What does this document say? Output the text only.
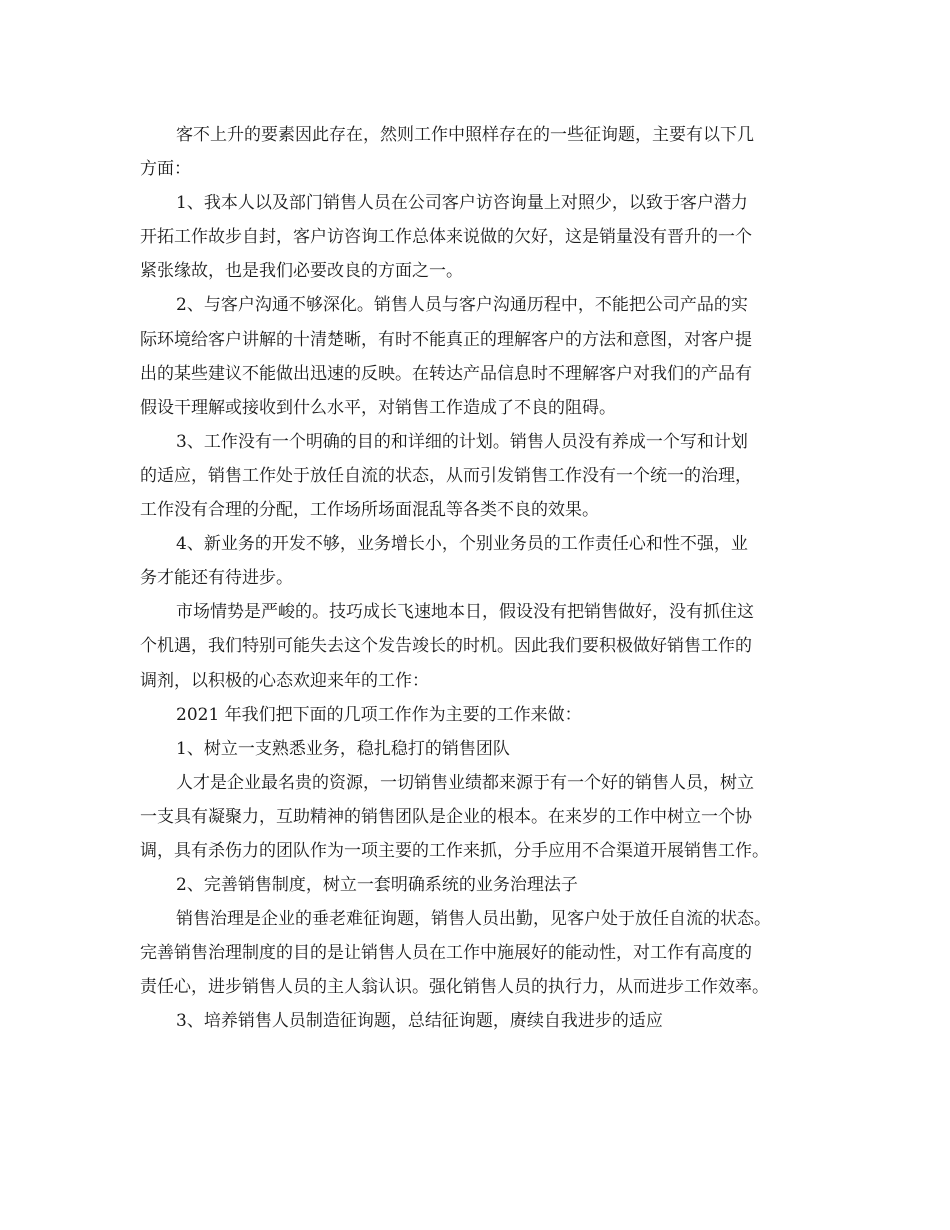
客不上升的要素因此存在，然则工作中照样存在的一些征询题，主要有以下几
方面：
1、我本人以及部门销售人员在公司客户访咨询量上对照少，以致于客户潜力
开拓工作故步自封，客户访咨询工作总体来说做的欠好，这是销量没有晋升的一个
紧张缘故，也是我们必要改良的方面之一。
2、与客户沟通不够深化。销售人员与客户沟通历程中，不能把公司产品的实
际环境给客户讲解的十清楚晰，有时不能真正的理解客户的方法和意图，对客户提
出的某些建议不能做出迅速的反映。在转达产品信息时不理解客户对我们的产品有
假设干理解或接收到什么水平，对销售工作造成了不良的阻碍。
3、工作没有一个明确的目的和详细的计划。销售人员没有养成一个写和计划
的适应，销售工作处于放任自流的状态，从而引发销售工作没有一个统一的治理，
工作没有合理的分配，工作场所场面混乱等各类不良的效果。
4、新业务的开发不够，业务增长小，个别业务员的工作责任心和性不强，业
务才能还有待进步。
市场情势是严峻的。技巧成长飞速地本日，假设没有把销售做好，没有抓住这
个机遇，我们特别可能失去这个发告竣长的时机。因此我们要积极做好销售工作的
调剂，以积极的心态欢迎来年的工作：
2021 年我们把下面的几项工作作为主要的工作来做：
1、树立一支熟悉业务，稳扎稳打的销售团队
人才是企业最名贵的资源，一切销售业绩都来源于有一个好的销售人员，树立
一支具有凝聚力，互助精神的销售团队是企业的根本。在来岁的工作中树立一个协
调，具有杀伤力的团队作为一项主要的工作来抓，分手应用不合渠道开展销售工作。
2、完善销售制度，树立一套明确系统的业务治理法子
销售治理是企业的垂老难征询题，销售人员出勤，见客户处于放任自流的状态。
完善销售治理制度的目的是让销售人员在工作中施展好的能动性，对工作有高度的
责任心，进步销售人员的主人翁认识。强化销售人员的执行力，从而进步工作效率。
3、培养销售人员制造征询题，总结征询题，赓续自我进步的适应
